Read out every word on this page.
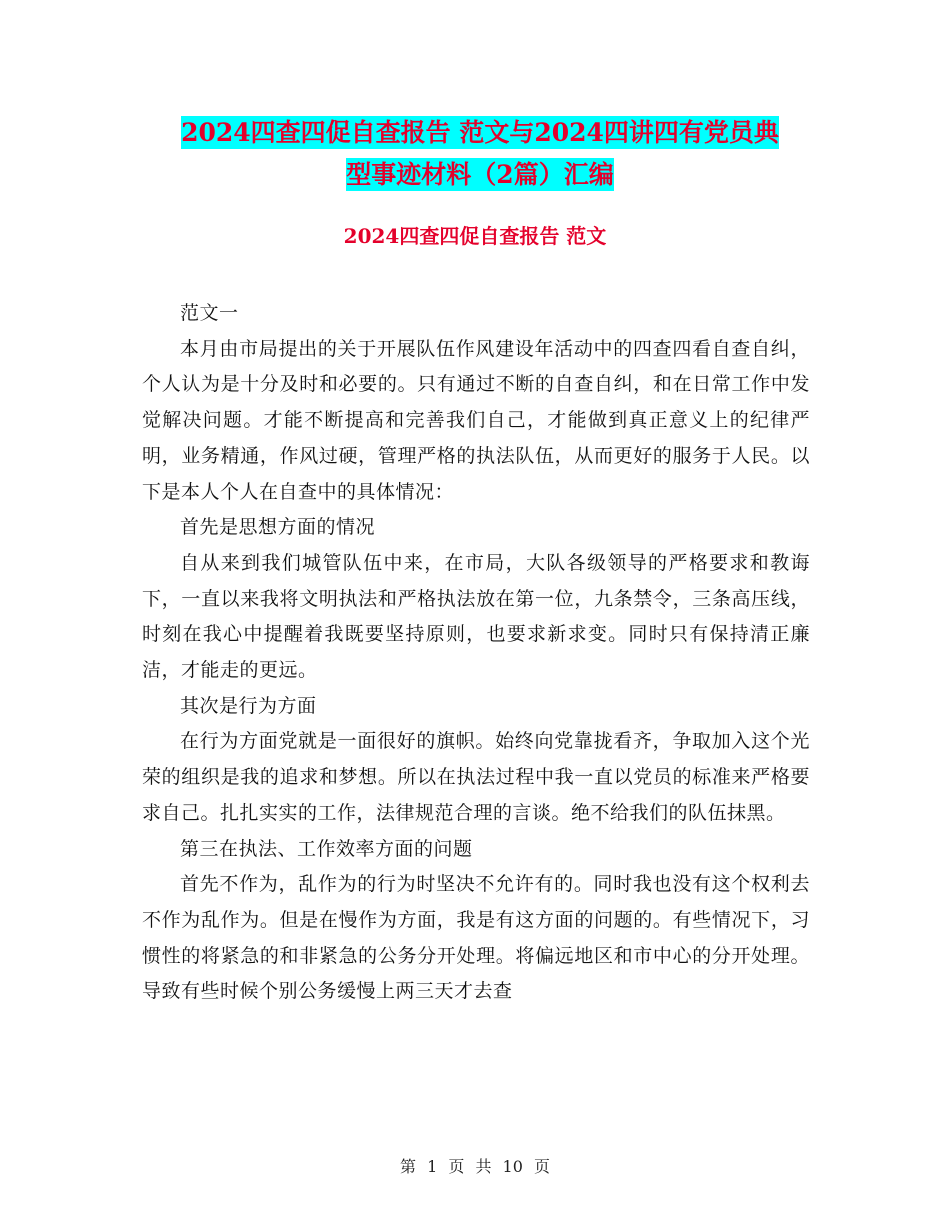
2024四查四促自查报告 范文与2024四讲四有党员典
型事迹材料（2篇）汇编
2024四查四促自查报告 范文

范文一

本月由市局提出的关于开展队伍作风建设年活动中的四查四看自查自纠，个人认为是十分及时和必要的。只有通过不断的自查自纠，和在日常工作中发觉解决问题。才能不断提高和完善我们自己，才能做到真正意义上的纪律严明，业务精通，作风过硬，管理严格的执法队伍，从而更好的服务于人民。以下是本人个人在自查中的具体情况：

首先是思想方面的情况

自从来到我们城管队伍中来，在市局，大队各级领导的严格要求和教诲下，一直以来我将文明执法和严格执法放在第一位，九条禁令，三条高压线，时刻在我心中提醒着我既要坚持原则，也要求新求变。同时只有保持清正廉洁，才能走的更远。

其次是行为方面

在行为方面党就是一面很好的旗帜。始终向党靠拢看齐，争取加入这个光荣的组织是我的追求和梦想。所以在执法过程中我一直以党员的标准来严格要求自己。扎扎实实的工作，法律规范合理的言谈。绝不给我们的队伍抹黑。

第三在执法、工作效率方面的问题

首先不作为，乱作为的行为时坚决不允许有的。同时我也没有这个权利去不作为乱作为。但是在慢作为方面，我是有这方面的问题的。有些情况下，习惯性的将紧急的和非紧急的公务分开处理。将偏远地区和市中心的分开处理。导致有些时候个别公务缓慢上两三天才去查

第 1 页 共 10 页
